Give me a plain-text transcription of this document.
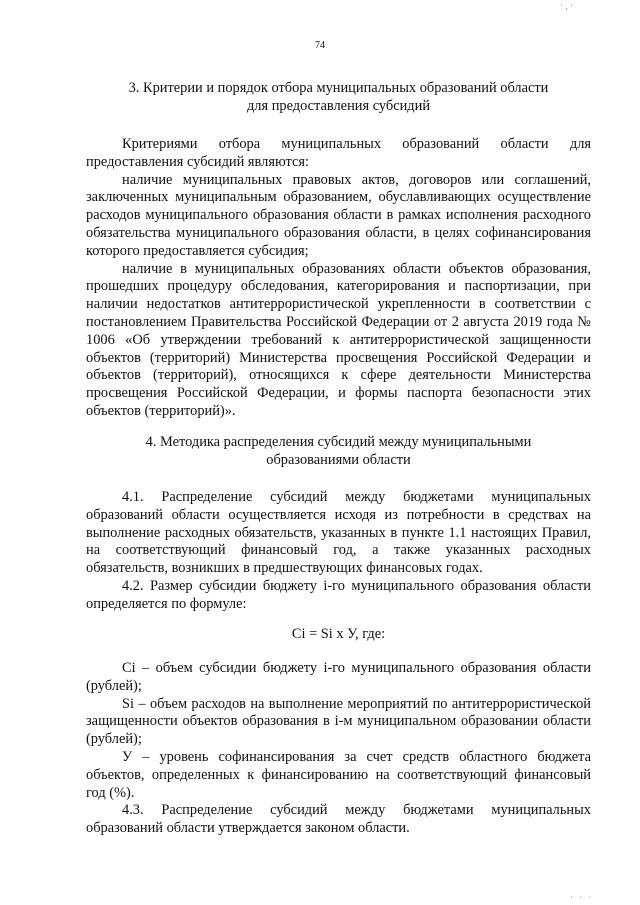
74

3. Критерии и порядок отбора муниципальных образований области
для предоставления субсидий

Критериями отбора муниципальных образований области для предоставления субсидий являются:

наличие муниципальных правовых актов, договоров или соглашений, заключенных муниципальным образованием, обуславливающих осуществление расходов муниципального образования области в рамках исполнения расходного обязательства муниципального образования области, в целях софинансирования которого предоставляется субсидия;

наличие в муниципальных образованиях области объектов образования, прошедших процедуру обследования, категорирования и паспортизации, при наличии недостатков антитеррористической укрепленности в соответствии с постановлением Правительства Российской Федерации от 2 августа 2019 года № 1006 «Об утверждении требований к антитеррористической защищенности объектов (территорий) Министерства просвещения Российской Федерации и объектов (территорий), относящихся к сфере деятельности Министерства просвещения Российской Федерации, и формы паспорта безопасности этих объектов (территорий)».

4. Методика распределения субсидий между муниципальными
образованиями области

4.1. Распределение субсидий между бюджетами муниципальных образований области осуществляется исходя из потребности в средствах на выполнение расходных обязательств, указанных в пункте 1.1 настоящих Правил, на соответствующий финансовый год, а также указанных расходных обязательств, возникших в предшествующих финансовых годах.

4.2. Размер субсидии бюджету i-го муниципального образования области определяется по формуле:

Ci = Si x У, где:

Ci – объем субсидии бюджету i-го муниципального образования области (рублей);

Si – объем расходов на выполнение мероприятий по антитеррористической защищенности объектов образования в i-м муниципальном образовании области (рублей);

У – уровень софинансирования за счет средств областного бюджета объектов, определенных к финансированию на соответствующий финансовый год (%).

4.3. Распределение субсидий между бюджетами муниципальных образований области утверждается законом области.

·¸·
· · ·
